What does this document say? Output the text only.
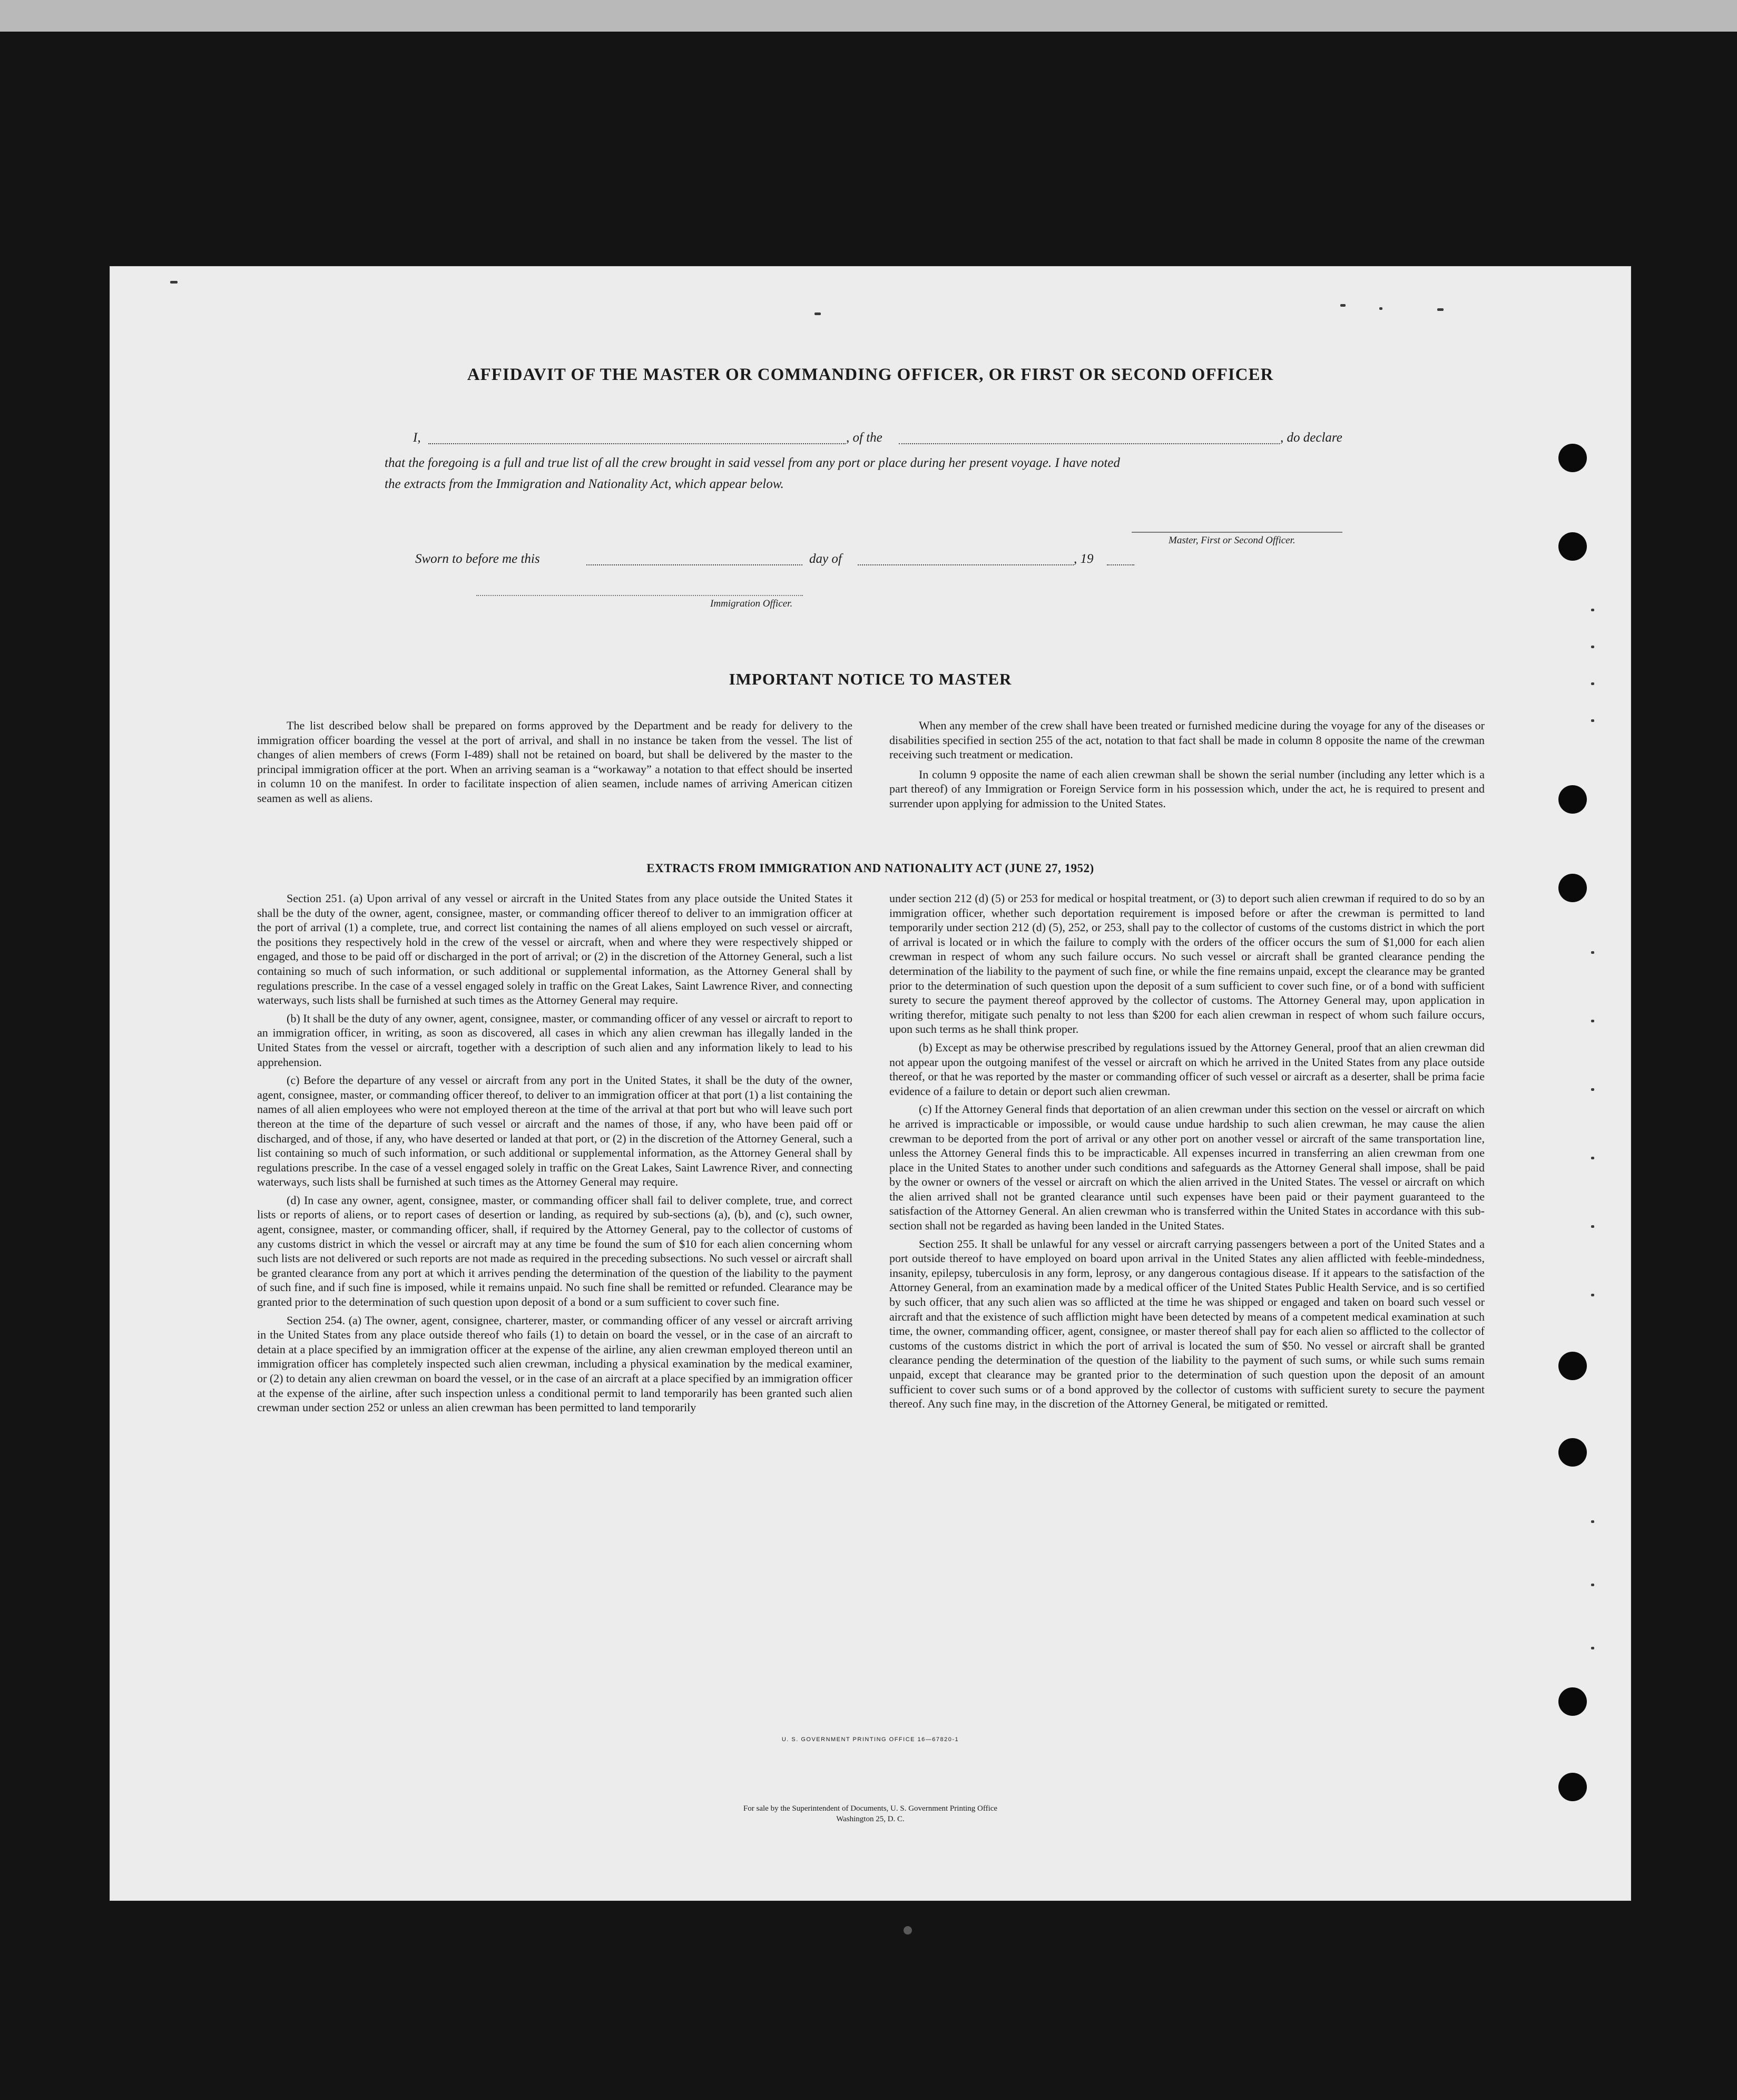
AFFIDAVIT OF THE MASTER OR COMMANDING OFFICER, OR FIRST OR SECOND OFFICER
I,	, of the	, do declare
that the foregoing is a full and true list of all the crew brought in said vessel from any port or place during her present voyage. I have noted
the extracts from the Immigration and Nationality Act, which appear below.
Master, First or Second Officer.
Sworn to before me this	day of	, 19
Immigration Officer.
IMPORTANT NOTICE TO MASTER

The list described below shall be prepared on forms approved by the Department and be ready for delivery to the immigration officer boarding the vessel at the port of arrival, and shall in no instance be taken from the vessel. The list of changes of alien members of crews (Form I-489) shall not be retained on board, but shall be delivered by the master to the principal immigration officer at the port. When an arriving seaman is a “workaway” a notation to that effect should be inserted in column 10 on the manifest. In order to facilitate inspection of alien seamen, include names of arriving American citizen seamen as well as aliens.

When any member of the crew shall have been treated or furnished medicine during the voyage for any of the diseases or disabilities specified in section 255 of the act, notation to that fact shall be made in column 8 opposite the name of the crewman receiving such treatment or medication.

In column 9 opposite the name of each alien crewman shall be shown the serial number (including any letter which is a part thereof) of any Immigration or Foreign Service form in his possession which, under the act, he is required to present and surrender upon applying for admission to the United States.

EXTRACTS FROM IMMIGRATION AND NATIONALITY ACT (JUNE 27, 1952)

Section 251. (a) Upon arrival of any vessel or aircraft in the United States from any place outside the United States it shall be the duty of the owner, agent, consignee, master, or commanding officer thereof to deliver to an immigration officer at the port of arrival (1) a complete, true, and correct list containing the names of all aliens employed on such vessel or aircraft, the positions they respectively hold in the crew of the vessel or aircraft, when and where they were respectively shipped or engaged, and those to be paid off or discharged in the port of arrival; or (2) in the discretion of the Attorney General, such a list containing so much of such information, or such additional or supplemental information, as the Attorney General shall by regulations prescribe. In the case of a vessel engaged solely in traffic on the Great Lakes, Saint Lawrence River, and connecting waterways, such lists shall be furnished at such times as the Attorney General may require.

(b) It shall be the duty of any owner, agent, consignee, master, or commanding officer of any vessel or aircraft to report to an immigration officer, in writing, as soon as discovered, all cases in which any alien crewman has illegally landed in the United States from the vessel or aircraft, together with a description of such alien and any information likely to lead to his apprehension.

(c) Before the departure of any vessel or aircraft from any port in the United States, it shall be the duty of the owner, agent, consignee, master, or commanding officer thereof, to deliver to an immigration officer at that port (1) a list containing the names of all alien employees who were not employed thereon at the time of the arrival at that port but who will leave such port thereon at the time of the departure of such vessel or aircraft and the names of those, if any, who have been paid off or discharged, and of those, if any, who have deserted or landed at that port, or (2) in the discretion of the Attorney General, such a list containing so much of such information, or such additional or supplemental information, as the Attorney General shall by regulations prescribe. In the case of a vessel engaged solely in traffic on the Great Lakes, Saint Lawrence River, and connecting waterways, such lists shall be furnished at such times as the Attorney General may require.

(d) In case any owner, agent, consignee, master, or commanding officer shall fail to deliver complete, true, and correct lists or reports of aliens, or to report cases of desertion or landing, as required by sub-sections (a), (b), and (c), such owner, agent, consignee, master, or commanding officer, shall, if required by the Attorney General, pay to the collector of customs of any customs district in which the vessel or aircraft may at any time be found the sum of $10 for each alien concerning whom such lists are not delivered or such reports are not made as required in the preceding subsections. No such vessel or aircraft shall be granted clearance from any port at which it arrives pending the determination of the question of the liability to the payment of such fine, and if such fine is imposed, while it remains unpaid. No such fine shall be remitted or refunded. Clearance may be granted prior to the determination of such question upon deposit of a bond or a sum sufficient to cover such fine.

Section 254. (a) The owner, agent, consignee, charterer, master, or commanding officer of any vessel or aircraft arriving in the United States from any place outside thereof who fails (1) to detain on board the vessel, or in the case of an aircraft to detain at a place specified by an immigration officer at the expense of the airline, any alien crewman employed thereon until an immigration officer has completely inspected such alien crewman, including a physical examination by the medical examiner, or (2) to detain any alien crewman on board the vessel, or in the case of an aircraft at a place specified by an immigration officer at the expense of the airline, after such inspection unless a conditional permit to land temporarily has been granted such alien crewman under section 252 or unless an alien crewman has been permitted to land temporarily

under section 212 (d) (5) or 253 for medical or hospital treatment, or (3) to deport such alien crewman if required to do so by an immigration officer, whether such deportation requirement is imposed before or after the crewman is permitted to land temporarily under section 212 (d) (5), 252, or 253, shall pay to the collector of customs of the customs district in which the port of arrival is located or in which the failure to comply with the orders of the officer occurs the sum of $1,000 for each alien crewman in respect of whom any such failure occurs. No such vessel or aircraft shall be granted clearance pending the determination of the liability to the payment of such fine, or while the fine remains unpaid, except the clearance may be granted prior to the determination of such question upon the deposit of a sum sufficient to cover such fine, or of a bond with sufficient surety to secure the payment thereof approved by the collector of customs. The Attorney General may, upon application in writing therefor, mitigate such penalty to not less than $200 for each alien crewman in respect of whom such failure occurs, upon such terms as he shall think proper.

(b) Except as may be otherwise prescribed by regulations issued by the Attorney General, proof that an alien crewman did not appear upon the outgoing manifest of the vessel or aircraft on which he arrived in the United States from any place outside thereof, or that he was reported by the master or commanding officer of such vessel or aircraft as a deserter, shall be prima facie evidence of a failure to detain or deport such alien crewman.

(c) If the Attorney General finds that deportation of an alien crewman under this section on the vessel or aircraft on which he arrived is impracticable or impossible, or would cause undue hardship to such alien crewman, he may cause the alien crewman to be deported from the port of arrival or any other port on another vessel or aircraft of the same transportation line, unless the Attorney General finds this to be impracticable. All expenses incurred in transferring an alien crewman from one place in the United States to another under such conditions and safeguards as the Attorney General shall impose, shall be paid by the owner or owners of the vessel or aircraft on which the alien arrived in the United States. The vessel or aircraft on which the alien arrived shall not be granted clearance until such expenses have been paid or their payment guaranteed to the satisfaction of the Attorney General. An alien crewman who is transferred within the United States in accordance with this sub-section shall not be regarded as having been landed in the United States.

Section 255. It shall be unlawful for any vessel or aircraft carrying passengers between a port of the United States and a port outside thereof to have employed on board upon arrival in the United States any alien afflicted with feeble-mindedness, insanity, epilepsy, tuberculosis in any form, leprosy, or any dangerous contagious disease. If it appears to the satisfaction of the Attorney General, from an examination made by a medical officer of the United States Public Health Service, and is so certified by such officer, that any such alien was so afflicted at the time he was shipped or engaged and taken on board such vessel or aircraft and that the existence of such affliction might have been detected by means of a competent medical examination at such time, the owner, commanding officer, agent, consignee, or master thereof shall pay for each alien so afflicted to the collector of customs of the customs district in which the port of arrival is located the sum of $50. No vessel or aircraft shall be granted clearance pending the determination of the question of the liability to the payment of such sums, or while such sums remain unpaid, except that clearance may be granted prior to the determination of such question upon the deposit of an amount sufficient to cover such sums or of a bond approved by the collector of customs with sufficient surety to secure the payment thereof. Any such fine may, in the discretion of the Attorney General, be mitigated or remitted.

U. S. GOVERNMENT PRINTING OFFICE 16—67820-1
For sale by the Superintendent of Documents, U. S. Government Printing Office
Washington 25, D. C.
